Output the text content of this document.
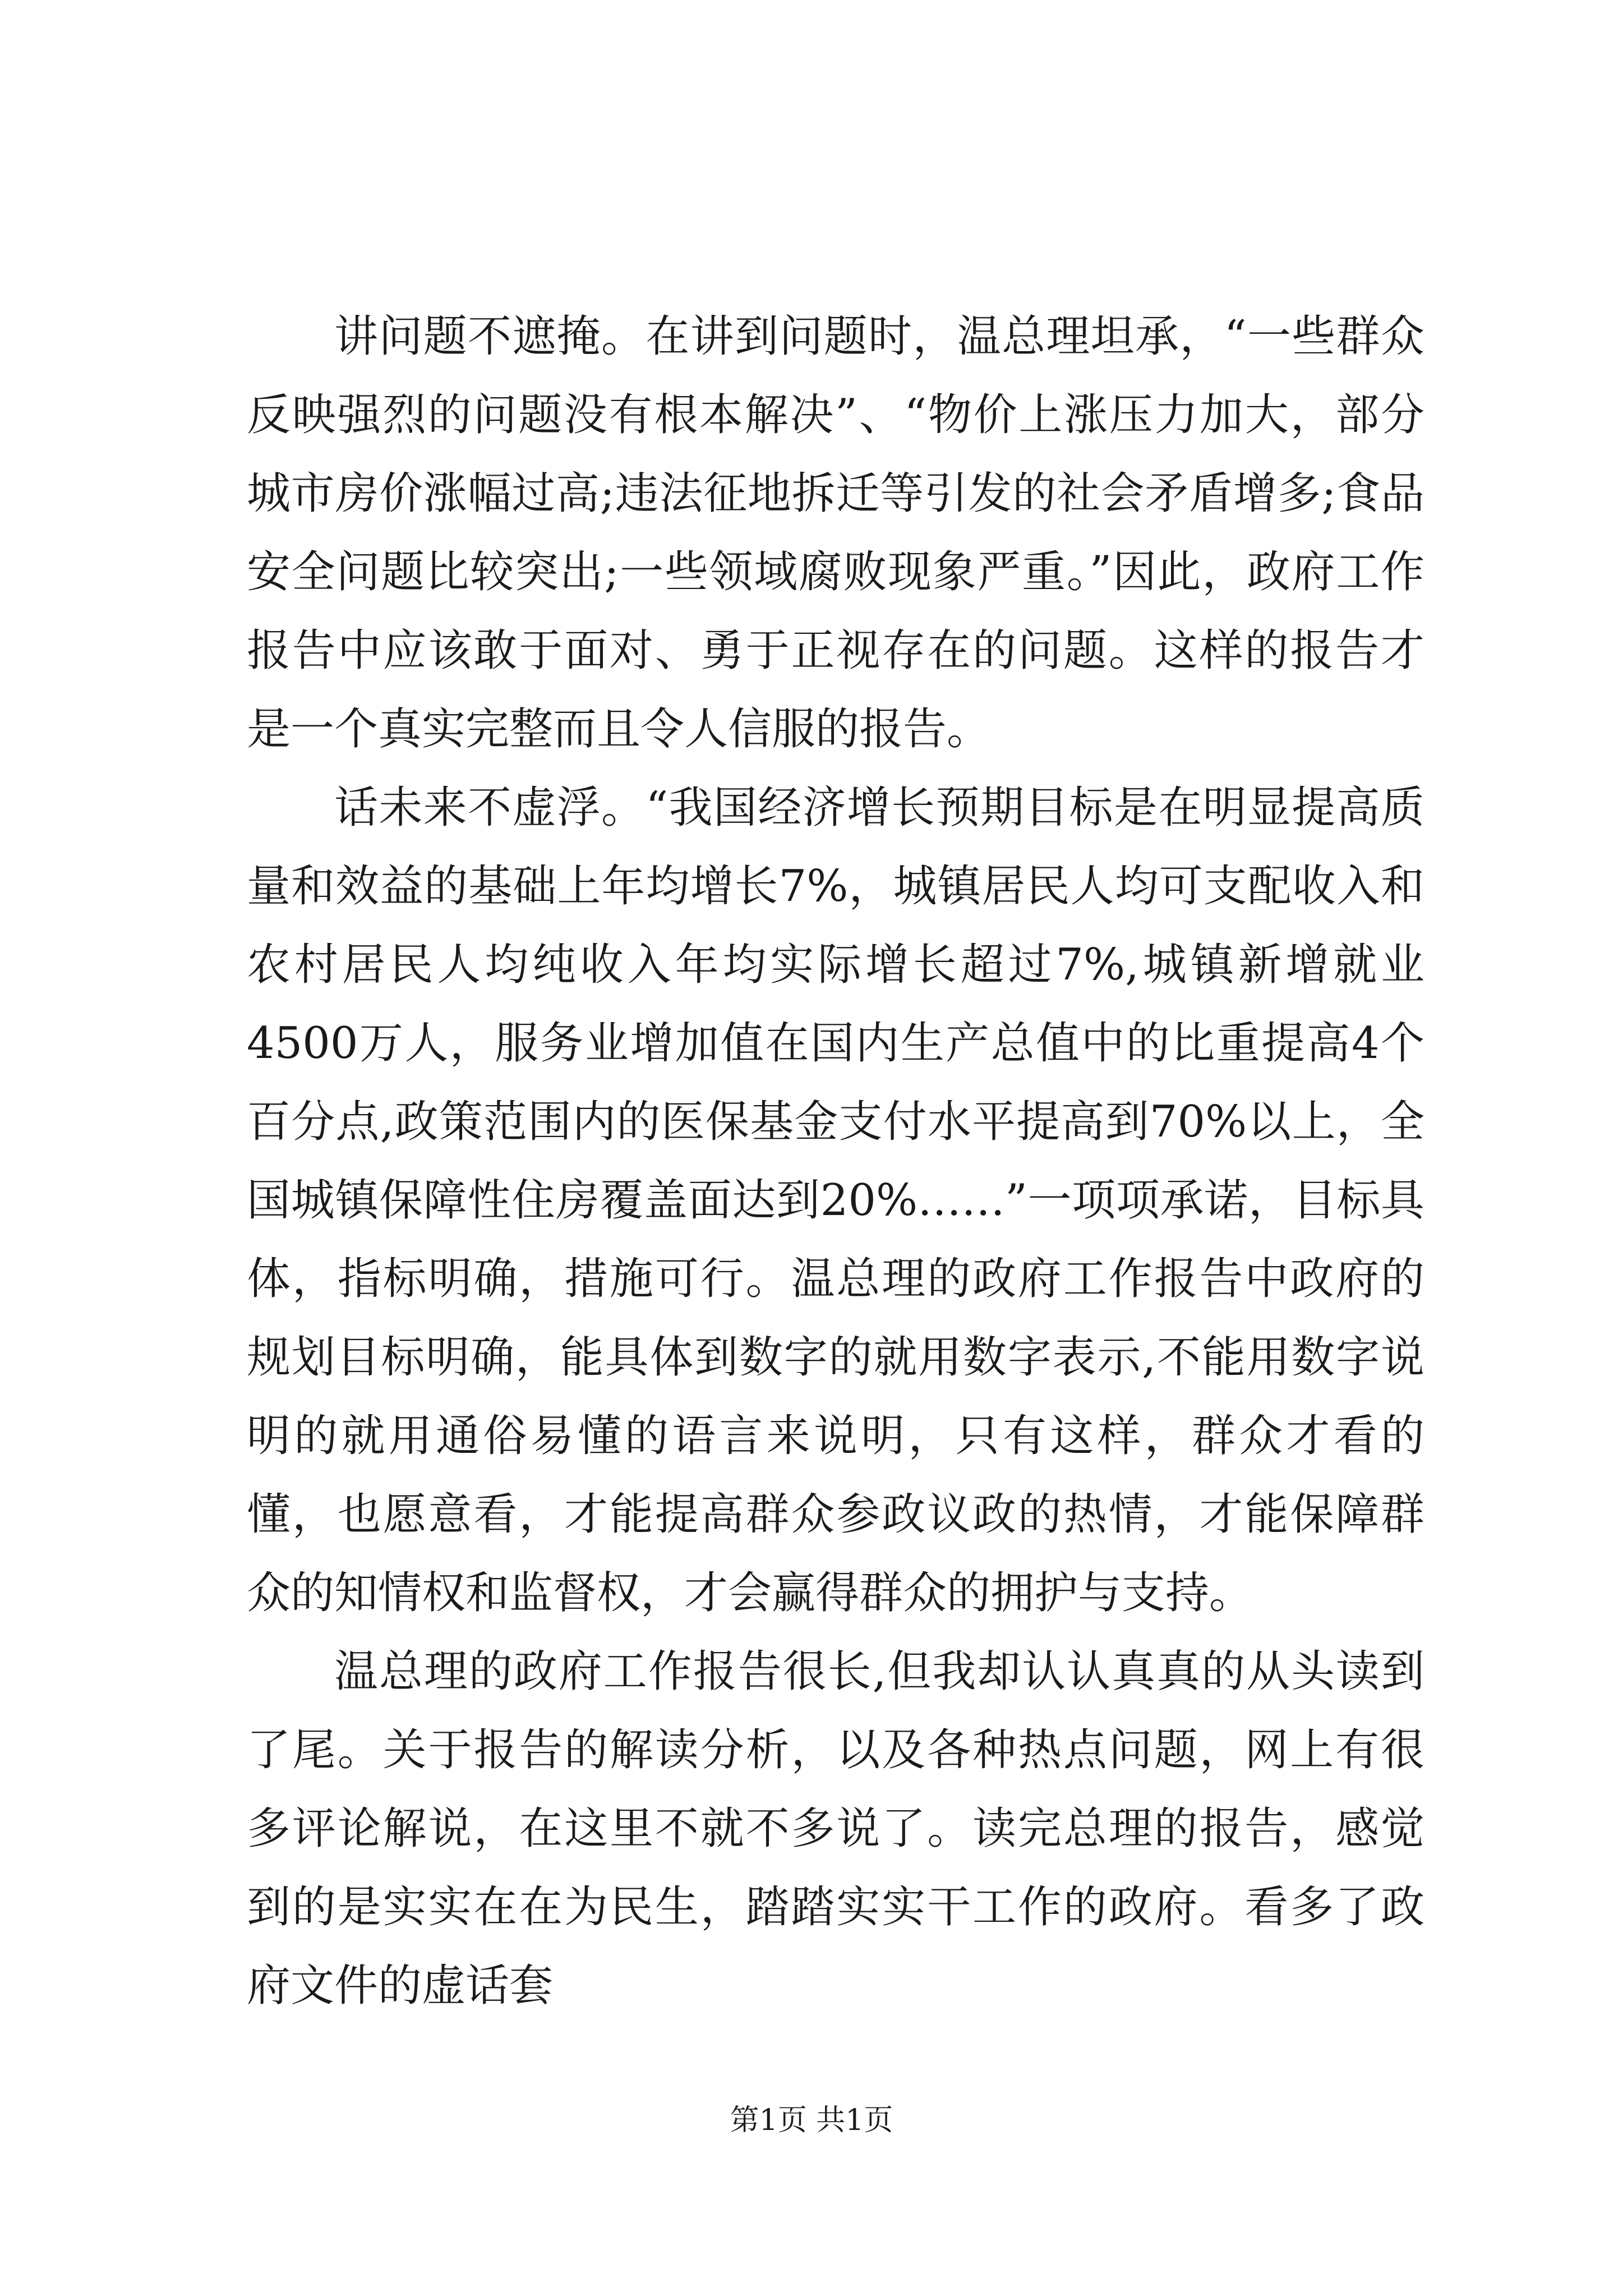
讲问题不遮掩。在讲到问题时，温总理坦承，“一些群众反映强烈的问题没有根本解决”、“物价上涨压力加大，部分城市房价涨幅过高;违法征地拆迁等引发的社会矛盾增多;食品安全问题比较突出;一些领域腐败现象严重。”因此，政府工作报告中应该敢于面对、勇于正视存在的问题。这样的报告才是一个真实完整而且令人信服的报告。

话未来不虚浮。“我国经济增长预期目标是在明显提高质量和效益的基础上年均增长7%，城镇居民人均可支配收入和农村居民人均纯收入年均实际增长超过7%,城镇新增就业4500万人，服务业增加值在国内生产总值中的比重提高4个百分点,政策范围内的医保基金支付水平提高到70%以上，全国城镇保障性住房覆盖面达到20%……”一项项承诺，目标具体，指标明确，措施可行。温总理的政府工作报告中政府的规划目标明确，能具体到数字的就用数字表示,不能用数字说明的就用通俗易懂的语言来说明，只有这样，群众才看的懂，也愿意看，才能提高群众参政议政的热情，才能保障群众的知情权和监督权，才会赢得群众的拥护与支持。

温总理的政府工作报告很长,但我却认认真真的从头读到了尾。关于报告的解读分析，以及各种热点问题，网上有很多评论解说，在这里不就不多说了。读完总理的报告，感觉到的是实实在在为民生，踏踏实实干工作的政府。看多了政府文件的虚话套

第1页 共1页
